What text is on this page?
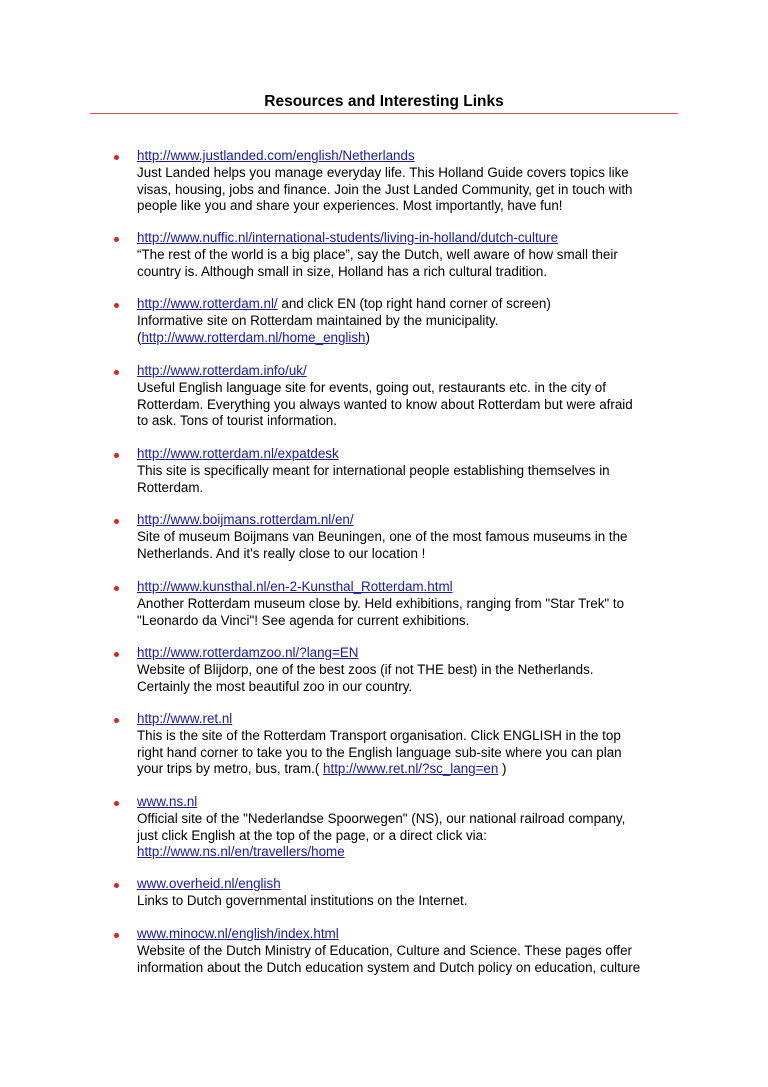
Resources and Interesting Links
http://www.justlanded.com/english/Netherlands
Just Landed helps you manage everyday life. This Holland Guide covers topics like
visas, housing, jobs and finance. Join the Just Landed Community, get in touch with
people like you and share your experiences. Most importantly, have fun!
http://www.nuffic.nl/international-students/living-in-holland/dutch-culture
“The rest of the world is a big place”, say the Dutch, well aware of how small their
country is. Although small in size, Holland has a rich cultural tradition.
http://www.rotterdam.nl/ and click EN (top right hand corner of screen)
Informative site on Rotterdam maintained by the municipality.
(http://www.rotterdam.nl/home_english)
http://www.rotterdam.info/uk/
Useful English language site for events, going out, restaurants etc. in the city of
Rotterdam. Everything you always wanted to know about Rotterdam but were afraid
to ask. Tons of tourist information.
http://www.rotterdam.nl/expatdesk
This site is specifically meant for international people establishing themselves in
Rotterdam.
http://www.boijmans.rotterdam.nl/en/
Site of museum Boijmans van Beuningen, one of the most famous museums in the
Netherlands. And it's really close to our location !
http://www.kunsthal.nl/en-2-Kunsthal_Rotterdam.html
Another Rotterdam museum close by. Held exhibitions, ranging from "Star Trek" to
"Leonardo da Vinci"! See agenda for current exhibitions.
http://www.rotterdamzoo.nl/?lang=EN
Website of Blijdorp, one of the best zoos (if not THE best) in the Netherlands.
Certainly the most beautiful zoo in our country.
http://www.ret.nl
This is the site of the Rotterdam Transport organisation. Click ENGLISH in the top
right hand corner to take you to the English language sub-site where you can plan
your trips by metro, bus, tram.( http://www.ret.nl/?sc_lang=en )
www.ns.nl
Official site of the "Nederlandse Spoorwegen" (NS), our national railroad company,
just click English at the top of the page, or a direct click via:
http://www.ns.nl/en/travellers/home
www.overheid.nl/english
Links to Dutch governmental institutions on the Internet.
www.minocw.nl/english/index.html
Website of the Dutch Ministry of Education, Culture and Science. These pages offer
information about the Dutch education system and Dutch policy on education, culture
